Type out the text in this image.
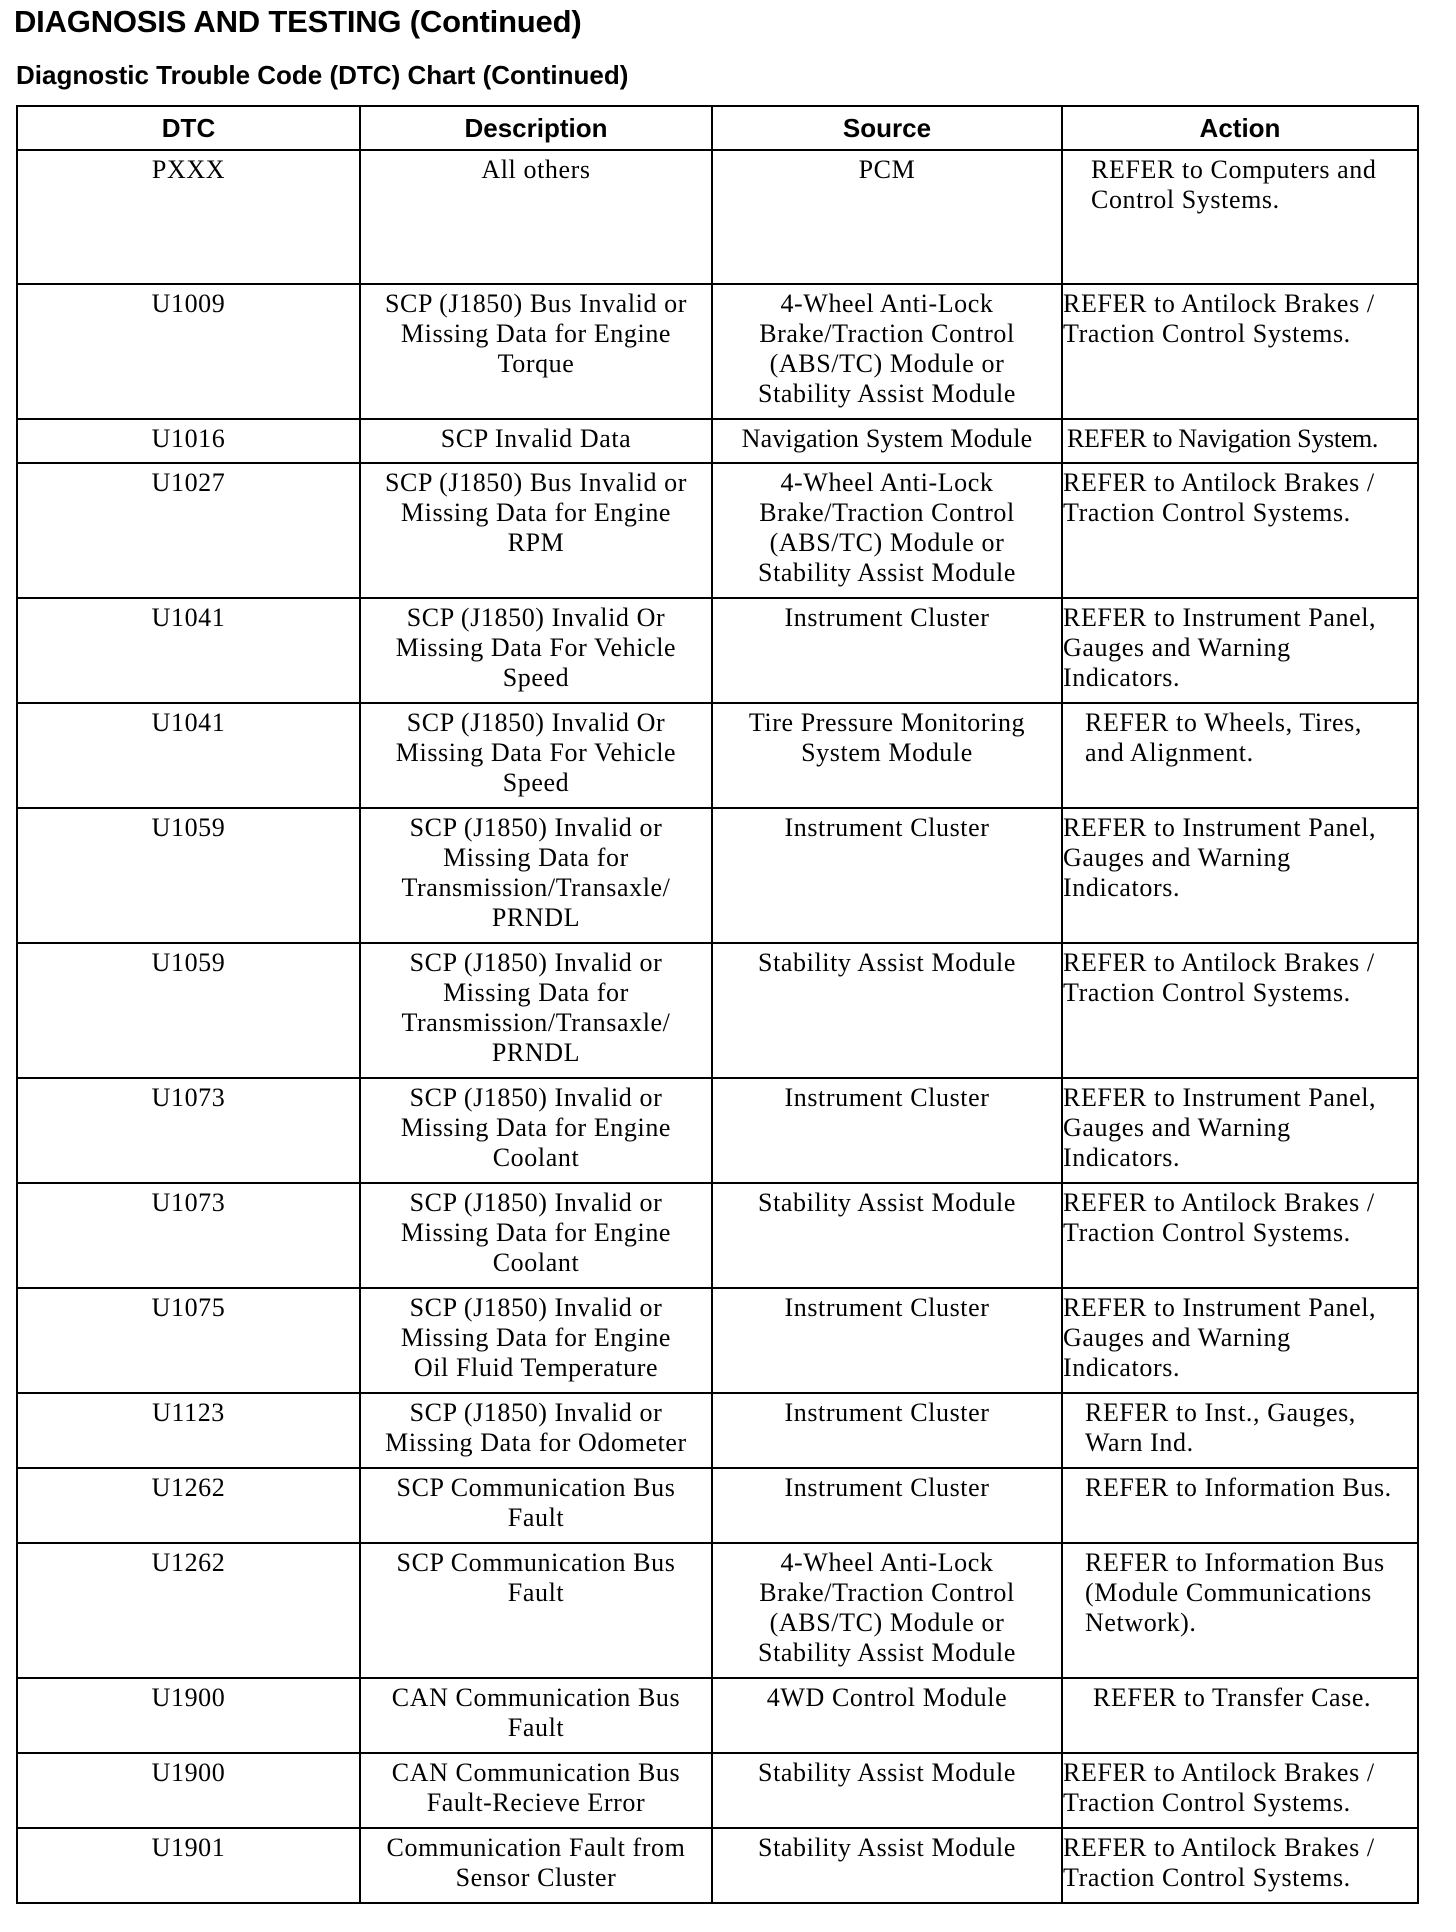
DIAGNOSIS AND TESTING (Continued)
Diagnostic Trouble Code (DTC) Chart (Continued)
DTC	Description	Source	Action
PXXX	All others	PCM	REFER to Computers and
Control Systems.
U1009	SCP (J1850) Bus Invalid or
Missing Data for Engine
Torque	4-Wheel Anti-Lock
Brake/Traction Control
(ABS/TC) Module or
Stability Assist Module	REFER to Antilock Brakes /
Traction Control Systems.
U1016	SCP Invalid Data	Navigation System Module	REFER to Navigation System.
U1027	SCP (J1850) Bus Invalid or
Missing Data for Engine
RPM	4-Wheel Anti-Lock
Brake/Traction Control
(ABS/TC) Module or
Stability Assist Module	REFER to Antilock Brakes /
Traction Control Systems.
U1041	SCP (J1850) Invalid Or
Missing Data For Vehicle
Speed	Instrument Cluster	REFER to Instrument Panel,
Gauges and Warning
Indicators.
U1041	SCP (J1850) Invalid Or
Missing Data For Vehicle
Speed	Tire Pressure Monitoring
System Module	REFER to Wheels, Tires,
and Alignment.
U1059	SCP (J1850) Invalid or
Missing Data for
Transmission/Transaxle/
PRNDL	Instrument Cluster	REFER to Instrument Panel,
Gauges and Warning
Indicators.
U1059	SCP (J1850) Invalid or
Missing Data for
Transmission/Transaxle/
PRNDL	Stability Assist Module	REFER to Antilock Brakes /
Traction Control Systems.
U1073	SCP (J1850) Invalid or
Missing Data for Engine
Coolant	Instrument Cluster	REFER to Instrument Panel,
Gauges and Warning
Indicators.
U1073	SCP (J1850) Invalid or
Missing Data for Engine
Coolant	Stability Assist Module	REFER to Antilock Brakes /
Traction Control Systems.
U1075	SCP (J1850) Invalid or
Missing Data for Engine
Oil Fluid Temperature	Instrument Cluster	REFER to Instrument Panel,
Gauges and Warning
Indicators.
U1123	SCP (J1850) Invalid or
Missing Data for Odometer	Instrument Cluster	REFER to Inst., Gauges,
Warn Ind.
U1262	SCP Communication Bus
Fault	Instrument Cluster	REFER to Information Bus.
U1262	SCP Communication Bus
Fault	4-Wheel Anti-Lock
Brake/Traction Control
(ABS/TC) Module or
Stability Assist Module	REFER to Information Bus
(Module Communications
Network).
U1900	CAN Communication Bus
Fault	4WD Control Module	REFER to Transfer Case.
U1900	CAN Communication Bus
Fault-Recieve Error	Stability Assist Module	REFER to Antilock Brakes /
Traction Control Systems.
U1901	Communication Fault from
Sensor Cluster	Stability Assist Module	REFER to Antilock Brakes /
Traction Control Systems.
